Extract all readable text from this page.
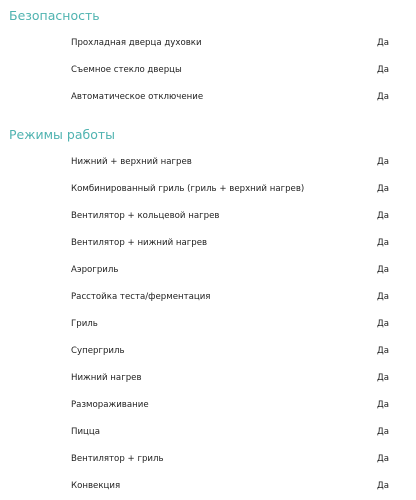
Безопасность
Прохладная дверца духовки	Да
Съемное стекло дверцы	Да
Автоматическое отключение	Да
Режимы работы
Нижний + верхний нагрев	Да
Комбинированный гриль (гриль + верхний нагрев)	Да
Вентилятор + кольцевой нагрев	Да
Вентилятор + нижний нагрев	Да
Аэрогриль	Да
Расстойка теста/ферментация	Да
Гриль	Да
Супергриль	Да
Нижний нагрев	Да
Размораживание	Да
Пицца	Да
Вентилятор + гриль	Да
Конвекция	Да
